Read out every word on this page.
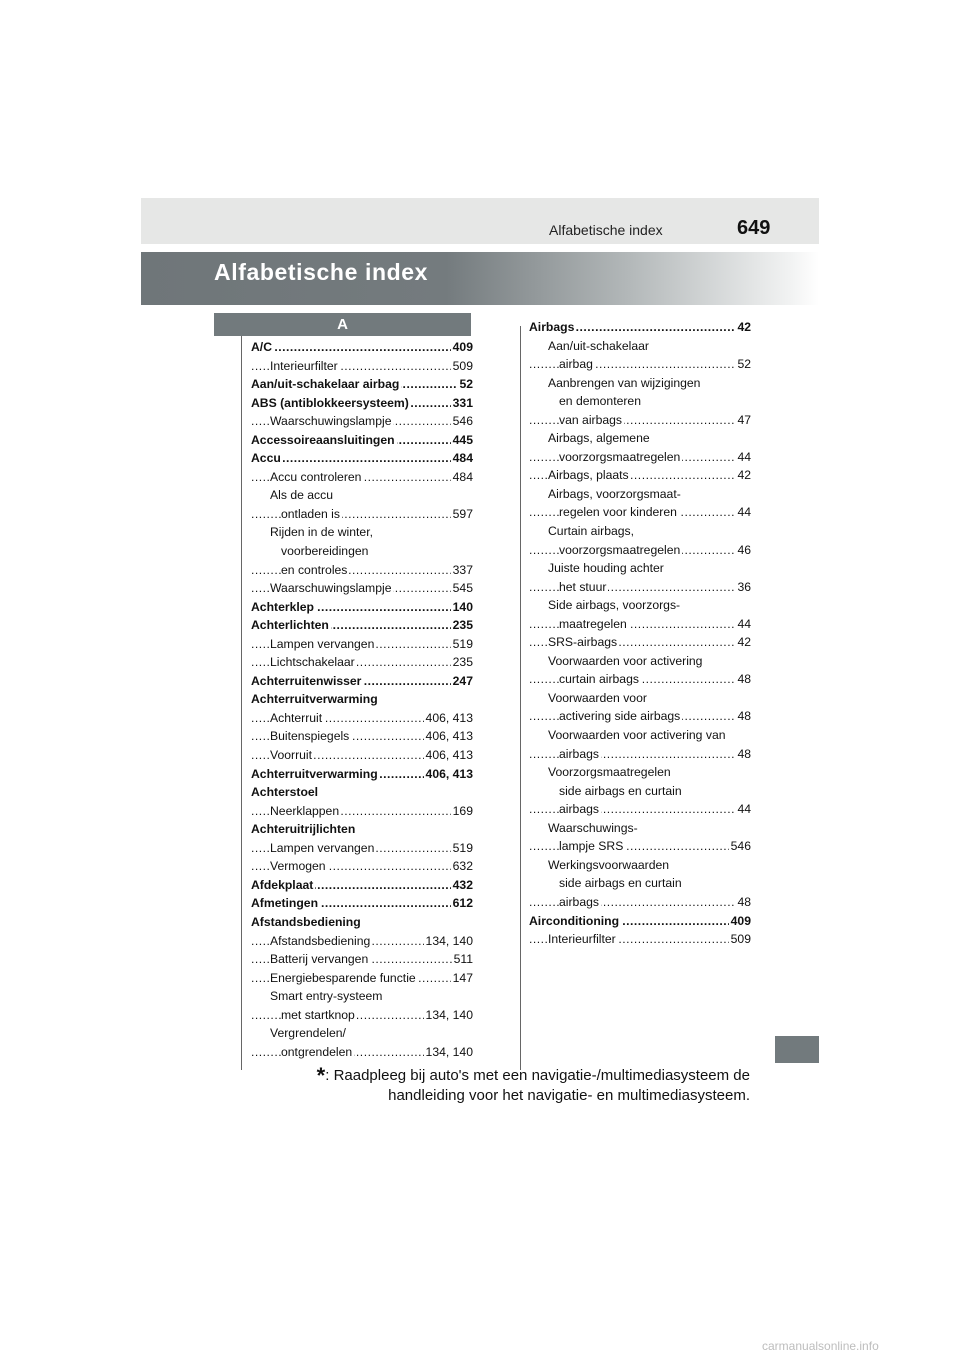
Alfabetische index	649
Alfabetische index
A
A/C	409
.....
Interieurfilter	509
.....
Aan/uit-schakelaar airbag	52
.....
ABS (antiblokkeersysteem)	331
.....
Waarschuwingslampje	546
.....
Accessoireaansluitingen	445
.....
Accu	484
.....
Accu controleren	484
.....
Als de accu
ontladen is	597
.....
Rijden in de winter,
voorbereidingen
en controles	337
.....
Waarschuwingslampje	545
.....
Achterklep	140
.....
Achterlichten	235
.....
Lampen vervangen	519
.....
Lichtschakelaar	235
.....
Achterruitenwisser	247
.....
Achterruitverwarming
Achterruit	406, 413
.....
Buitenspiegels	406, 413
.....
Voorruit	406, 413
.....
Achterruitverwarming	406, 413
.....
Achterstoel
Neerklappen	169
.....
Achteruitrijlichten
Lampen vervangen	519
.....
Vermogen	632
.....
Afdekplaat	432
.....
Afmetingen	612
.....
Afstandsbediening
Afstandsbediening	134, 140
.....
Batterij vervangen	511
.....
Energiebesparende functie	147
.....
Smart entry-systeem
met startknop	134, 140
.....
Vergrendelen/
ontgrendelen	134, 140
.....
Airbags	42
.....
Aan/uit-schakelaar
airbag	52
.....
Aanbrengen van wijzigingen
en demonteren
van airbags	47
.....
Airbags, algemene
voorzorgsmaatregelen	44
.....
Airbags, plaats	42
.....
Airbags, voorzorgsmaat-
regelen voor kinderen	44
.....
Curtain airbags,
voorzorgsmaatregelen	46
.....
Juiste houding achter
het stuur	36
.....
Side airbags, voorzorgs-
maatregelen	44
.....
SRS-airbags	42
.....
Voorwaarden voor activering
curtain airbags	48
.....
Voorwaarden voor
activering side airbags	48
.....
Voorwaarden voor activering van
airbags	48
.....
Voorzorgsmaatregelen
side airbags en curtain
airbags	44
.....
Waarschuwings-
lampje SRS	546
.....
Werkingsvoorwaarden
side airbags en curtain
airbags	48
.....
Airconditioning	409
.....
Interieurfilter	509
.....
*: Raadpleeg bij auto's met een navigatie-/multimediasysteem de
handleiding voor het navigatie- en multimediasysteem.
carmanualsonline.info
